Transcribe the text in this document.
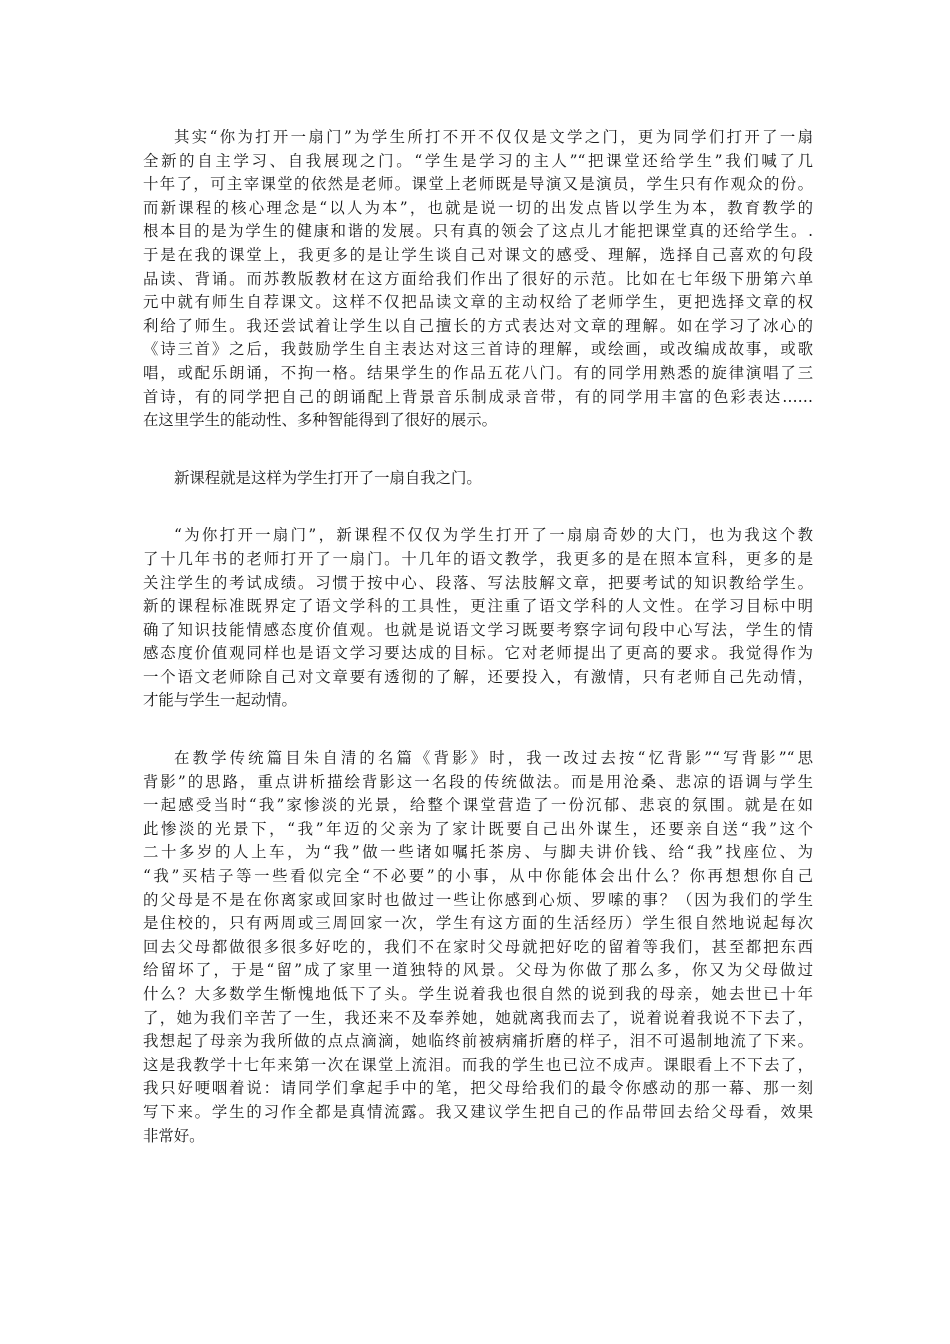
其实“你为打开一扇门”为学生所打不开不仅仅是文学之门，更为同学们打开了一扇
全新的自主学习、自我展现之门。“学生是学习的主人”“把课堂还给学生”我们喊了几
十年了，可主宰课堂的依然是老师。课堂上老师既是导演又是演员，学生只有作观众的份。
而新课程的核心理念是“以人为本”，也就是说一切的出发点皆以学生为本，教育教学的
根本目的是为学生的健康和谐的发展。只有真的领会了这点儿才能把课堂真的还给学生。.
于是在我的课堂上，我更多的是让学生谈自己对课文的感受、理解，选择自己喜欢的句段
品读、背诵。而苏教版教材在这方面给我们作出了很好的示范。比如在七年级下册第六单
元中就有师生自荐课文。这样不仅把品读文章的主动权给了老师学生，更把选择文章的权
利给了师生。我还尝试着让学生以自己擅长的方式表达对文章的理解。如在学习了冰心的
《诗三首》之后，我鼓励学生自主表达对这三首诗的理解，或绘画，或改编成故事，或歌
唱，或配乐朗诵，不拘一格。结果学生的作品五花八门。有的同学用熟悉的旋律演唱了三
首诗，有的同学把自己的朗诵配上背景音乐制成录音带，有的同学用丰富的色彩表达……
在这里学生的能动性、多种智能得到了很好的展示。
新课程就是这样为学生打开了一扇自我之门。
“为你打开一扇门”，新课程不仅仅为学生打开了一扇扇奇妙的大门，也为我这个教
了十几年书的老师打开了一扇门。十几年的语文教学，我更多的是在照本宣科，更多的是
关注学生的考试成绩。习惯于按中心、段落、写法肢解文章，把要考试的知识教给学生。
新的课程标准既界定了语文学科的工具性，更注重了语文学科的人文性。在学习目标中明
确了知识技能情感态度价值观。也就是说语文学习既要考察字词句段中心写法，学生的情
感态度价值观同样也是语文学习要达成的目标。它对老师提出了更高的要求。我觉得作为
一个语文老师除自己对文章要有透彻的了解，还要投入，有激情，只有老师自己先动情，
才能与学生一起动情。
在教学传统篇目朱自清的名篇《背影》时，我一改过去按“忆背影”“写背影”“思
背影”的思路，重点讲析描绘背影这一名段的传统做法。而是用沧桑、悲凉的语调与学生
一起感受当时“我”家惨淡的光景，给整个课堂营造了一份沉郁、悲哀的氛围。就是在如
此惨淡的光景下，“我”年迈的父亲为了家计既要自己出外谋生，还要亲自送“我”这个
二十多岁的人上车，为“我”做一些诸如嘱托茶房、与脚夫讲价钱、给“我”找座位、为
“我”买桔子等一些看似完全“不必要”的小事，从中你能体会出什么？你再想想你自己
的父母是不是在你离家或回家时也做过一些让你感到心烦、罗嗦的事？（因为我们的学生
是住校的，只有两周或三周回家一次，学生有这方面的生活经历）学生很自然地说起每次
回去父母都做很多很多好吃的，我们不在家时父母就把好吃的留着等我们，甚至都把东西
给留坏了，于是“留”成了家里一道独特的风景。父母为你做了那么多，你又为父母做过
什么？大多数学生惭愧地低下了头。学生说着我也很自然的说到我的母亲，她去世已十年
了，她为我们辛苦了一生，我还来不及奉养她，她就离我而去了，说着说着我说不下去了，
我想起了母亲为我所做的点点滴滴，她临终前被病痛折磨的样子，泪不可遏制地流了下来。
这是我教学十七年来第一次在课堂上流泪。而我的学生也已泣不成声。课眼看上不下去了，
我只好哽咽着说：请同学们拿起手中的笔，把父母给我们的最令你感动的那一幕、那一刻
写下来。学生的习作全都是真情流露。我又建议学生把自己的作品带回去给父母看，效果
非常好。
